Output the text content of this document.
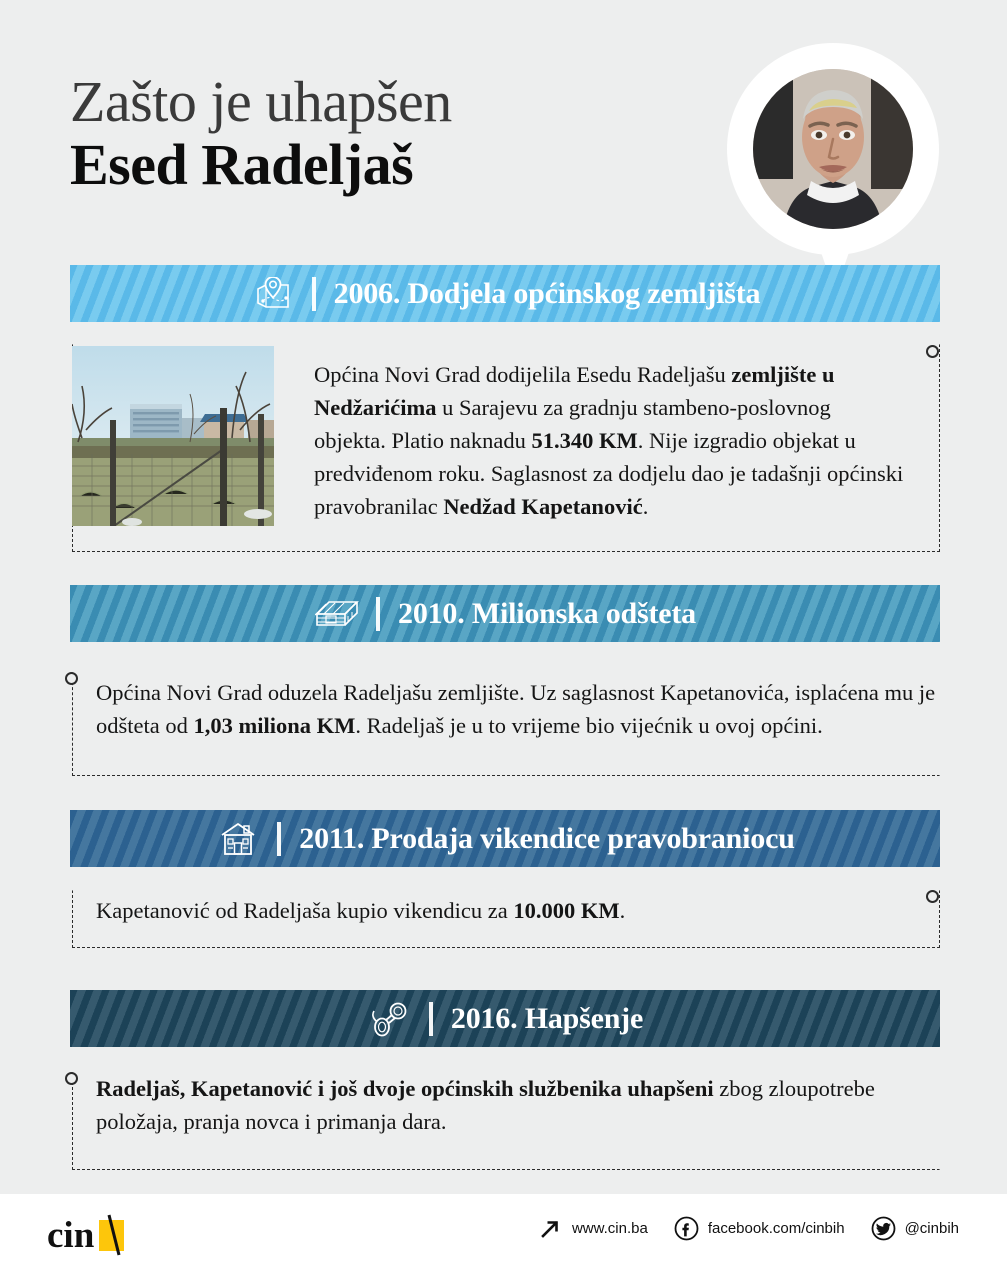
Zašto je uhapšen
Esed Radeljaš
2006. Dodjela općinskog zemljišta
Općina Novi Grad dodijelila Esedu Radeljašu zemljište u Nedžarićima u Sarajevu za gradnju stambeno-poslovnog objekta. Platio naknadu 51.340 KM. Nije izgradio objekat u predviđenom roku. Saglasnost za dodjelu dao je tadašnji općinski pravobranilac Nedžad Kapetanović.
2010. Milionska odšteta
Općina Novi Grad oduzela Radeljašu zemljište. Uz saglasnost Kapetanovića, isplaćena mu je odšteta od 1,03 miliona KM. Radeljaš je u to vrijeme bio vijećnik u ovoj općini.
2011. Prodaja vikendice pravobraniocu
Kapetanović od Radeljaša kupio vikendicu za 10.000 KM.
2016. Hapšenje
Radeljaš, Kapetanović i još dvoje općinskih službenika uhapšeni zbog zloupotrebe položaja, pranja novca i primanja dara.
cin	www.cin.ba	facebook.com/cinbih	@cinbih
